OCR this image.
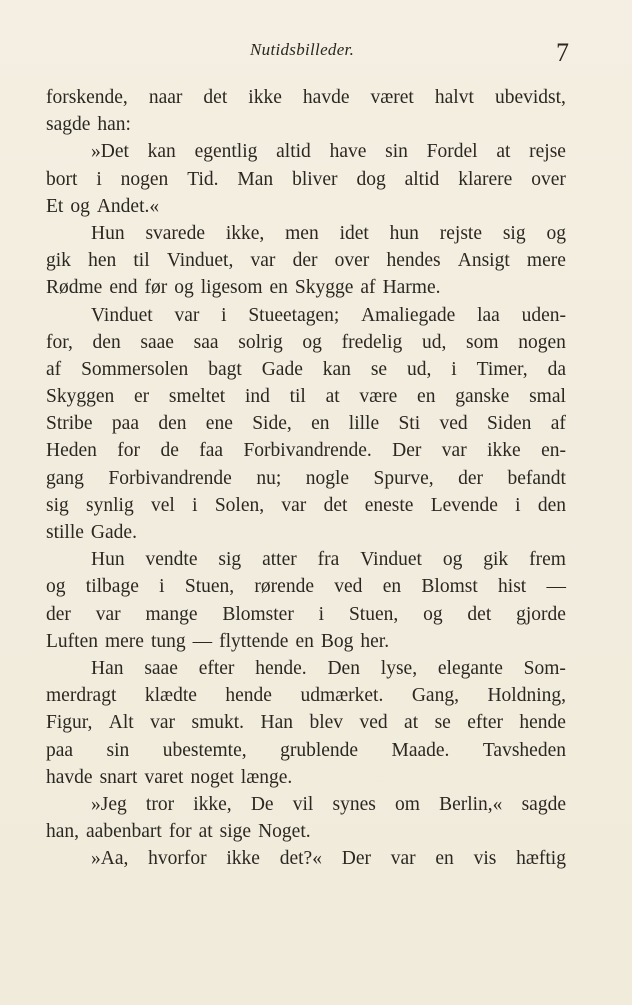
Nutidsbilleder.	7
forskende, naar det ikke havde været halvt ubevidst,
sagde han:
»Det kan egentlig altid have sin Fordel at rejse
bort i nogen Tid. Man bliver dog altid klarere over
Et og Andet.«
Hun svarede ikke, men idet hun rejste sig og
gik hen til Vinduet, var der over hendes Ansigt mere
Rødme end før og ligesom en Skygge af Harme.
Vinduet var i Stueetagen; Amaliegade laa uden-
for, den saae saa solrig og fredelig ud, som nogen
af Sommersolen bagt Gade kan se ud, i Timer, da
Skyggen er smeltet ind til at være en ganske smal
Stribe paa den ene Side, en lille Sti ved Siden af
Heden for de faa Forbivandrende. Der var ikke en-
gang Forbivandrende nu; nogle Spurve, der befandt
sig synlig vel i Solen, var det eneste Levende i den
stille Gade.
Hun vendte sig atter fra Vinduet og gik frem
og tilbage i Stuen, rørende ved en Blomst hist —
der var mange Blomster i Stuen, og det gjorde
Luften mere tung — flyttende en Bog her.
Han saae efter hende. Den lyse, elegante Som-
merdragt klædte hende udmærket. Gang, Holdning,
Figur, Alt var smukt. Han blev ved at se efter hende
paa sin ubestemte, grublende Maade. Tavsheden
havde snart varet noget længe.
»Jeg tror ikke, De vil synes om Berlin,« sagde
han, aabenbart for at sige Noget.
»Aa, hvorfor ikke det?« Der var en vis hæftig
